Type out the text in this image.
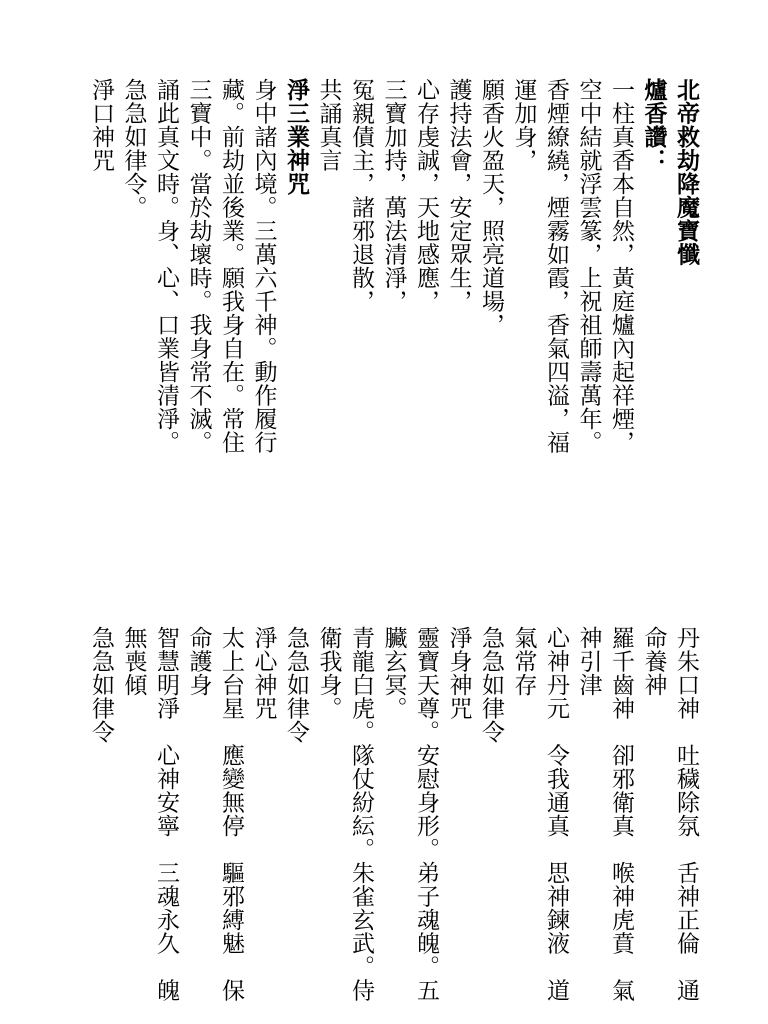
北帝救劫降魔寶懺

爐香讚：

一柱真香本自然，黃庭爐內起祥煙，

空中結就浮雲篆，上祝祖師壽萬年。

香煙繚繞，煙霧如霞，香氣四溢，福

運加身，

願香火盈天，照亮道場，

護持法會，安定眾生，

心存虔誠，天地感應，

三寶加持，萬法清淨，

冤親債主，諸邪退散，

共誦真言

淨三業神咒

身中諸內境。三萬六千神。動作履行

藏。前劫並後業。願我身自在。常住

三寶中。當於劫壞時。我身常不滅。

誦此真文時。身、心、口業皆清淨。

急急如律令。

淨口神咒

丹朱口神　吐穢除氛　舌神正倫　通

命養神

羅千齒神　卻邪衛真　喉神虎賁　氣

神引津

心神丹元　令我通真　思神鍊液　道

氣常存

急急如律令

淨身神咒

靈寶天尊。安慰身形。弟子魂魄。五

臟玄冥。

青龍白虎。隊仗紛紜。朱雀玄武。侍

衛我身。

急急如律令

淨心神咒

太上台星　應變無停　驅邪縛魅　保

命護身

智慧明淨　心神安寧　三魂永久　魄

無喪傾

急急如律令
